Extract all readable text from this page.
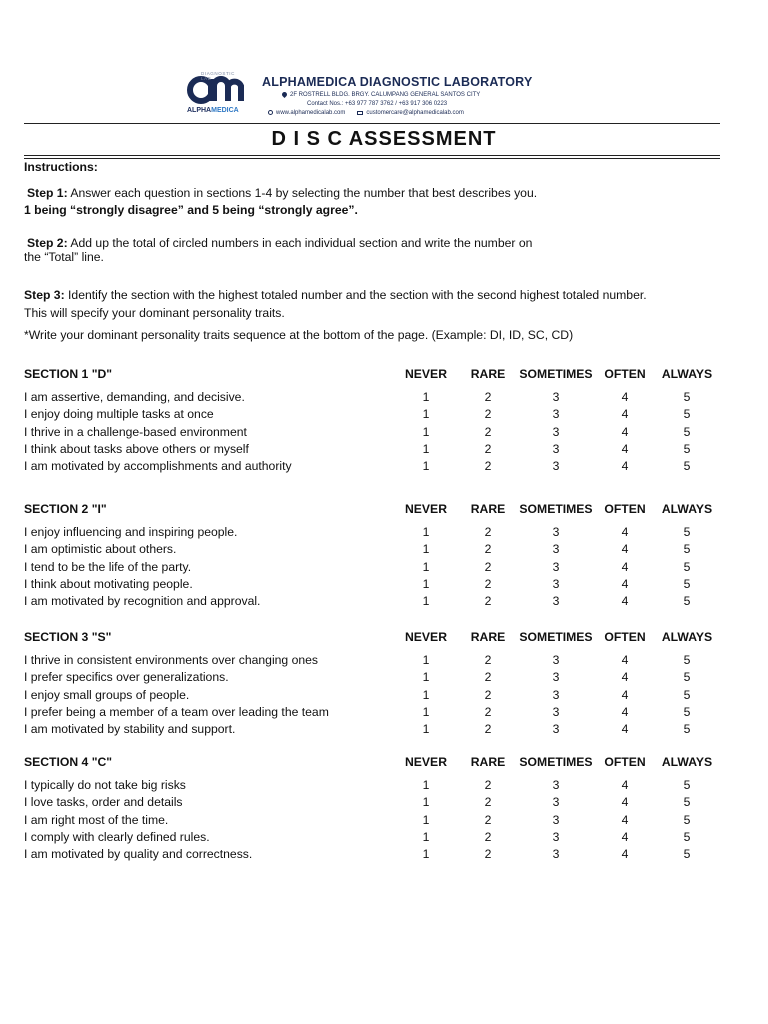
DIAGNOSTIC LAB
ALPHAMEDICA
ALPHAMEDICA DIAGNOSTIC LABORATORY
2F ROSTRELL BLDG. BRGY. CALUMPANG GENERAL SANTOS CITY
Contact Nos.: +63 977 787 3762 / +63 917 306 0223
www.alphamedicalab.com	customercare@alphamedicalab.com
D I S C ASSESSMENT
Instructions:
Step 1: Answer each question in sections 1-4 by selecting the number that best describes you.
1 being “strongly disagree” and 5 being “strongly agree”.
Step 2: Add up the total of circled numbers in each individual section and write the number on
the “Total” line.
Step 3: Identify the section with the highest totaled number and the section with the second highest totaled number.
This will specify your dominant personality traits.
*Write your dominant personality traits sequence at the bottom of the page. (Example: DI, ID, SC, CD)
SECTION 1 "D"	NEVER RARE SOMETIMES OFTEN ALWAYS
I am assertive, demanding, and decisive.	1	2	3	4	5
I enjoy doing multiple tasks at once	1	2	3	4	5
I thrive in a challenge-based environment	1	2	3	4	5
I think about tasks above others or myself	1	2	3	4	5
I am motivated by accomplishments and authority	1	2	3	4	5
SECTION 2 "I"	NEVER RARE SOMETIMES OFTEN ALWAYS
I enjoy influencing and inspiring people.	1	2	3	4	5
I am optimistic about others.	1	2	3	4	5
I tend to be the life of the party.	1	2	3	4	5
I think about motivating people.	1	2	3	4	5
I am motivated by recognition and approval.	1	2	3	4	5
SECTION 3 "S"	NEVER RARE SOMETIMES OFTEN ALWAYS
I thrive in consistent environments over changing ones	1	2	3	4	5
I prefer specifics over generalizations.	1	2	3	4	5
I enjoy small groups of people.	1	2	3	4	5
I prefer being a member of a team over leading the team	1	2	3	4	5
I am motivated by stability and support.	1	2	3	4	5
SECTION 4 "C"	NEVER RARE SOMETIMES OFTEN ALWAYS
I typically do not take big risks	1	2	3	4	5
I love tasks, order and details	1	2	3	4	5
I am right most of the time.	1	2	3	4	5
I comply with clearly defined rules.	1	2	3	4	5
I am motivated by quality and correctness.	1	2	3	4	5
